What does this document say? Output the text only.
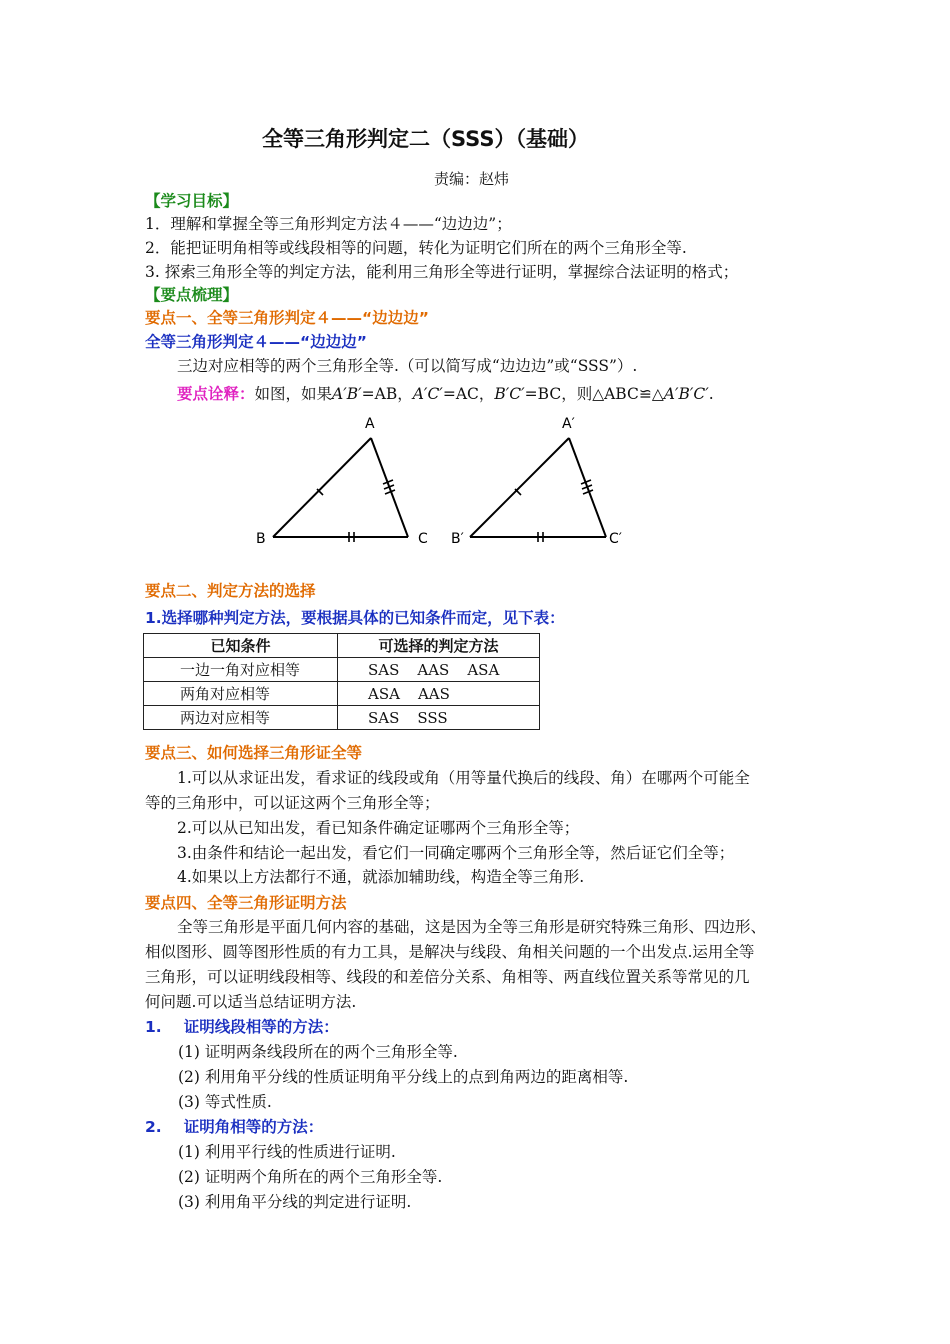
全等三角形判定二（SSS）（基础）
责编：赵炜
【学习目标】
1．理解和掌握全等三角形判定方法４——“边边边”；
2．能把证明角相等或线段相等的问题，转化为证明它们所在的两个三角形全等.
3. 探索三角形全等的判定方法，能利用三角形全等进行证明，掌握综合法证明的格式；
【要点梳理】
要点一、全等三角形判定４——“边边边”
全等三角形判定４——“边边边”
三边对应相等的两个三角形全等.（可以简写成“边边边”或“SSS”）.
要点诠释：如图，如果A′B′=AB，A′C′=AC，B′C′=BC，则△ABC≌△A′B′C′.
A
B	C
A′
B′	C′
要点二、判定方法的选择
1.选择哪种判定方法，要根据具体的已知条件而定，见下表：
已知条件	可选择的判定方法
一边一角对应相等	SAS AAS ASA
两角对应相等	ASA AAS
两边对应相等	SAS SSS
要点三、如何选择三角形证全等
1.可以从求证出发，看求证的线段或角（用等量代换后的线段、角）在哪两个可能全
等的三角形中，可以证这两个三角形全等；
2.可以从已知出发，看已知条件确定证哪两个三角形全等；
3.由条件和结论一起出发，看它们一同确定哪两个三角形全等，然后证它们全等；
4.如果以上方法都行不通，就添加辅助线，构造全等三角形.
要点四、全等三角形证明方法
全等三角形是平面几何内容的基础，这是因为全等三角形是研究特殊三角形、四边形、
相似图形、圆等图形性质的有力工具，是解决与线段、角相关问题的一个出发点.运用全等
三角形，可以证明线段相等、线段的和差倍分关系、角相等、两直线位置关系等常见的几
何问题.可以适当总结证明方法.
1. 证明线段相等的方法：
(1) 证明两条线段所在的两个三角形全等.
(2) 利用角平分线的性质证明角平分线上的点到角两边的距离相等.
(3) 等式性质.
2. 证明角相等的方法：
(1) 利用平行线的性质进行证明.
(2) 证明两个角所在的两个三角形全等.
(3) 利用角平分线的判定进行证明.
